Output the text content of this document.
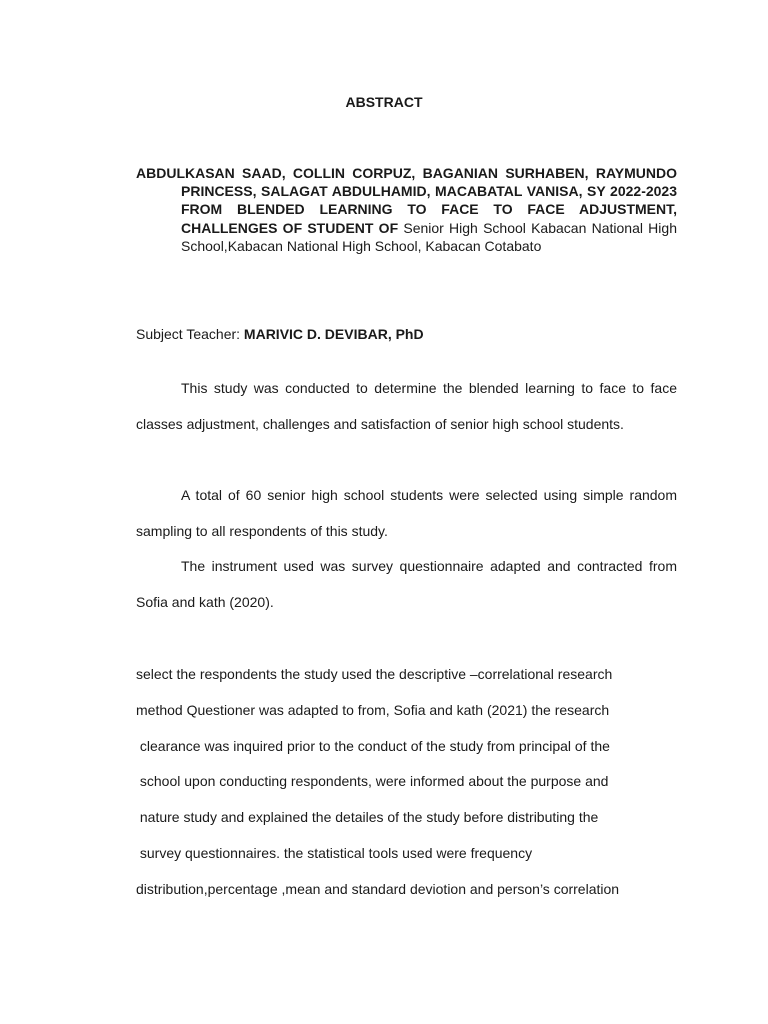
ABSTRACT
ABDULKASAN SAAD, COLLIN CORPUZ, BAGANIAN SURHABEN, RAYMUNDO PRINCESS, SALAGAT ABDULHAMID, MACABATAL VANISA, SY 2022-2023 FROM BLENDED LEARNING TO FACE TO FACE ADJUSTMENT, CHALLENGES OF STUDENT OF Senior High School Kabacan National High School,Kabacan National High School, Kabacan Cotabato
Subject Teacher: MARIVIC D. DEVIBAR, PhD
This study was conducted to determine the blended learning to face to face classes adjustment, challenges and satisfaction of senior high school students.
A total of 60 senior high school students were selected using simple random sampling to all respondents of this study.
The instrument used was survey questionnaire adapted and contracted from Sofia and kath (2020).
select the respondents the study used the descriptive –correlational research
method Questioner was adapted to from, Sofia and kath (2021) the research
clearance was inquired prior to the conduct of the study from principal of the
school upon conducting respondents, were informed about the purpose and
nature study and explained the detailes of the study before distributing the
survey questionnaires. the statistical tools used were frequency
distribution,percentage ,mean and standard deviotion and person’s correlation
